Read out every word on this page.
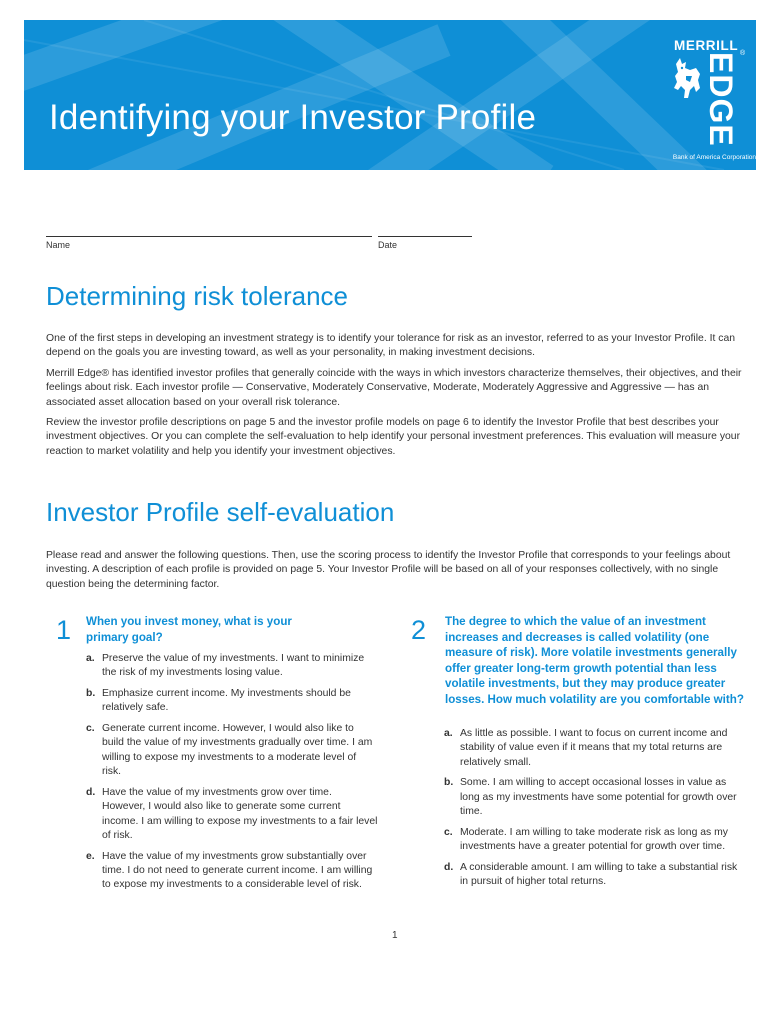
Identifying your Investor Profile
MERRILL
EDGE ®
Bank of America Corporation
Name	Date
Determining risk tolerance

One of the first steps in developing an investment strategy is to identify your tolerance for risk as an investor, referred to as your Investor Profile. It can depend on the goals you are investing toward, as well as your personality, in making investment decisions.

Merrill Edge® has identified investor profiles that generally coincide with the ways in which investors characterize themselves, their objectives, and their feelings about risk. Each investor profile — Conservative, Moderately Conservative, Moderate, Moderately Aggressive and Aggressive — has an associated asset allocation based on your overall risk tolerance.

Review the investor profile descriptions on page 5 and the investor profile models on page 6 to identify the Investor Profile that best describes your investment objectives. Or you can complete the self-evaluation to help identify your personal investment preferences. This evaluation will measure your reaction to market volatility and help you identify your investment objectives.

Investor Profile self-evaluation

Please read and answer the following questions. Then, use the scoring process to identify the Investor Profile that corresponds to your feelings about investing. A description of each profile is provided on page 5. Your Investor Profile will be based on all of your responses collectively, with no single question being the determining factor.

1 When you invest money, what is your primary goal?

a. Preserve the value of my investments. I want to minimize the risk of my investments losing value.
b. Emphasize current income. My investments should be relatively safe.
c. Generate current income. However, I would also like to build the value of my investments gradually over time. I am willing to expose my investments to a moderate level of risk.
d. Have the value of my investments grow over time. However, I would also like to generate some current income. I am willing to expose my investments to a fair level of risk.
e. Have the value of my investments grow substantially over time. I do not need to generate current income. I am willing to expose my investments to a considerable level of risk.
2 The degree to which the value of an investment increases and decreases is called volatility (one measure of risk). More volatile investments generally offer greater long-term growth potential than less volatile investments, but they may produce greater losses. How much volatility are you comfortable with?

a. As little as possible. I want to focus on current income and stability of value even if it means that my total returns are relatively small.
b. Some. I am willing to accept occasional losses in value as long as my investments have some potential for growth over time.
c. Moderate. I am willing to take moderate risk as long as my investments have a greater potential for growth over time.
d. A considerable amount. I am willing to take a substantial risk in pursuit of higher total returns.
1
